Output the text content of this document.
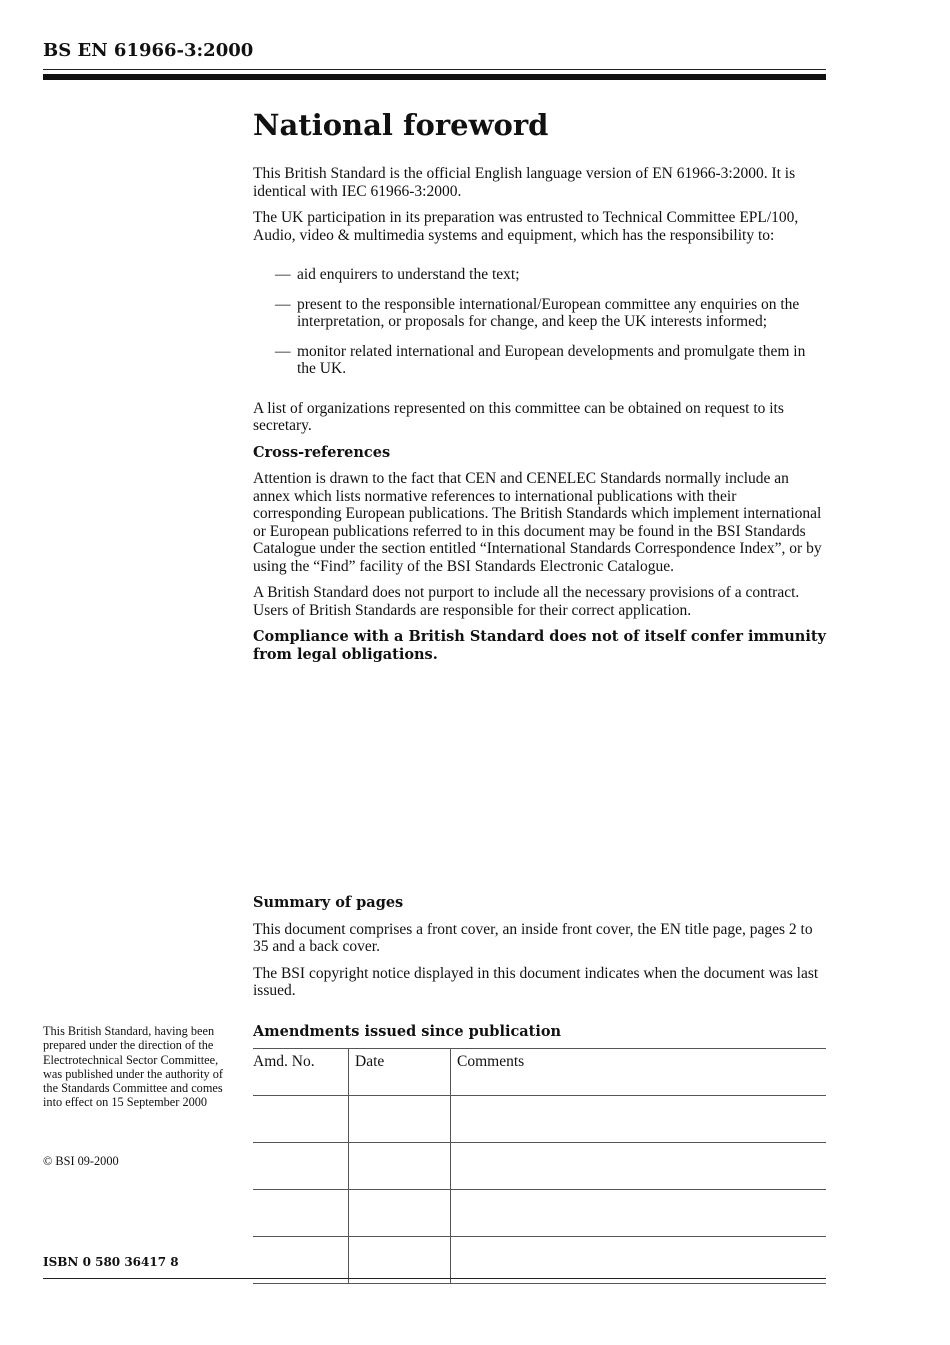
BS EN 61966-3:2000
National foreword

This British Standard is the official English language version of EN 61966-3:2000. It is identical with IEC 61966-3:2000.

The UK participation in its preparation was entrusted to Technical Committee EPL/100, Audio, video & multimedia systems and equipment, which has the responsibility to:

— aid enquirers to understand the text;
— present to the responsible international/European committee any enquiries on the interpretation, or proposals for change, and keep the UK interests informed;
— monitor related international and European developments and promulgate them in the UK.

A list of organizations represented on this committee can be obtained on request to its secretary.

Cross-references

Attention is drawn to the fact that CEN and CENELEC Standards normally include an annex which lists normative references to international publications with their corresponding European publications. The British Standards which implement international or European publications referred to in this document may be found in the BSI Standards Catalogue under the section entitled “International Standards Correspondence Index”, or by using the “Find” facility of the BSI Standards Electronic Catalogue.

A British Standard does not purport to include all the necessary provisions of a contract. Users of British Standards are responsible for their correct application.

Compliance with a British Standard does not of itself confer immunity from legal obligations.

Summary of pages

This document comprises a front cover, an inside front cover, the EN title page, pages 2 to 35 and a back cover.

The BSI copyright notice displayed in this document indicates when the document was last issued.

Amendments issued since publication
Amd. No.	Date	Comments

This British Standard, having been prepared under the direction of the Electrotechnical Sector Committee, was published under the authority of the Standards Committee and comes into effect on 15 September 2000
© BSI 09-2000
ISBN 0 580 36417 8
